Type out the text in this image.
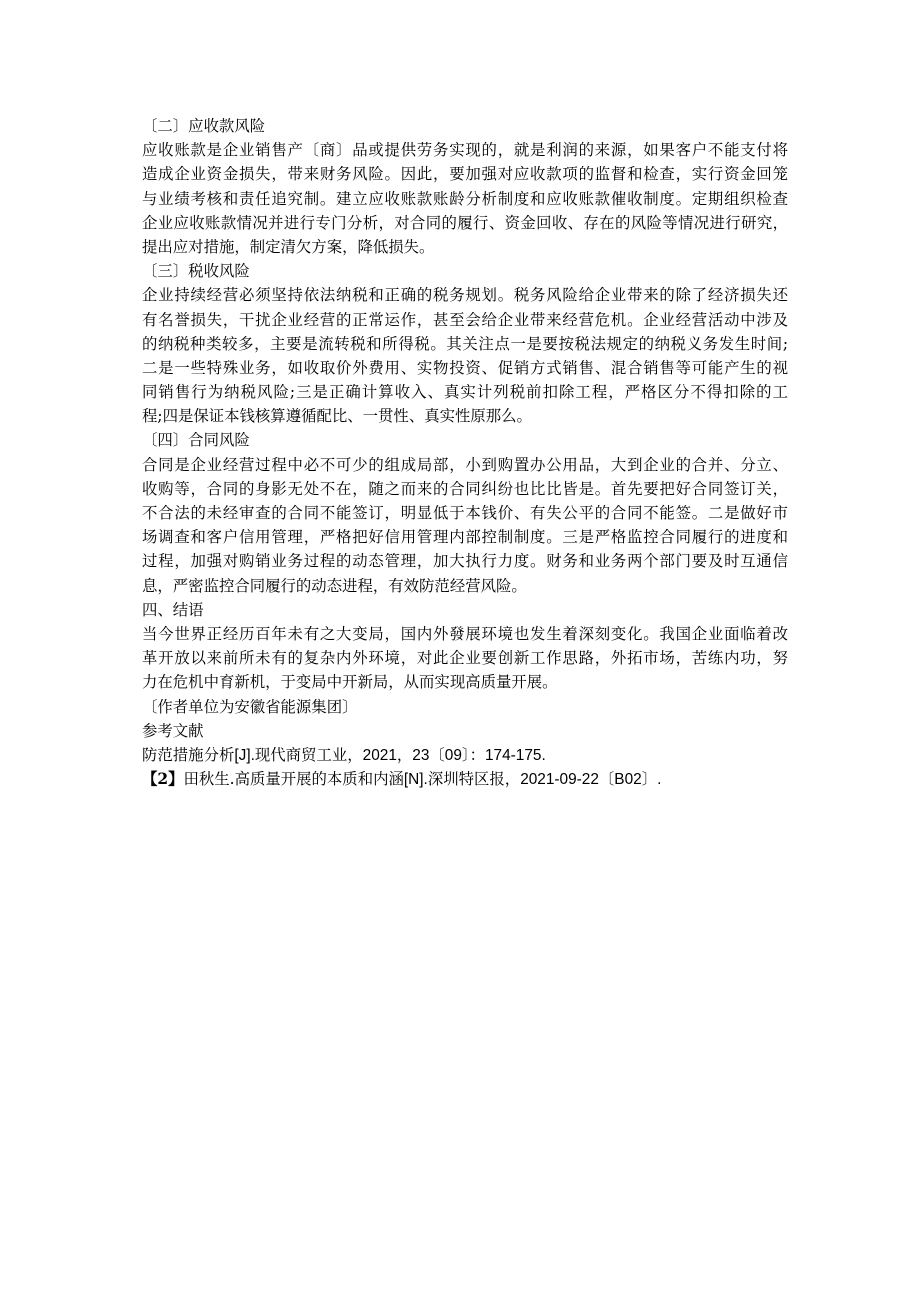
〔二〕应收款风险
应收账款是企业销售产〔商〕品或提供劳务实现的，就是利润的来源，如果客户不能支付将
造成企业资金损失，带来财务风险。因此，要加强对应收款项的监督和检查，实行资金回笼
与业绩考核和责任追究制。建立应收账款账龄分析制度和应收账款催收制度。定期组织检查
企业应收账款情况并进行专门分析，对合同的履行、资金回收、存在的风险等情况进行研究，
提出应对措施，制定清欠方案，降低损失。
〔三〕税收风险
企业持续经营必须坚持依法纳税和正确的税务规划。税务风险给企业带来的除了经济损失还
有名誉损失，干扰企业经营的正常运作，甚至会给企业带来经营危机。企业经营活动中涉及
的纳税种类较多，主要是流转税和所得税。其关注点一是要按税法规定的纳税义务发生时间;
二是一些特殊业务，如收取价外费用、实物投资、促销方式销售、混合销售等可能产生的视
同销售行为纳税风险;三是正确计算收入、真实计列税前扣除工程，严格区分不得扣除的工
程;四是保证本钱核算遵循配比、一贯性、真实性原那么。
〔四〕合同风险
合同是企业经营过程中必不可少的组成局部，小到购置办公用品，大到企业的合并、分立、
收购等，合同的身影无处不在，随之而来的合同纠纷也比比皆是。首先要把好合同签订关，
不合法的未经审查的合同不能签订，明显低于本钱价、有失公平的合同不能签。二是做好市
场调查和客户信用管理，严格把好信用管理内部控制制度。三是严格监控合同履行的进度和
过程，加强对购销业务过程的动态管理，加大执行力度。财务和业务两个部门要及时互通信
息，严密监控合同履行的动态进程，有效防范经营风险。
四、结语
当今世界正经历百年未有之大变局，国内外發展环境也发生着深刻变化。我国企业面临着改
革开放以来前所未有的复杂内外环境，对此企业要创新工作思路，外拓市场，苦练内功，努
力在危机中育新机，于变局中开新局，从而实现高质量开展。
〔作者单位为安徽省能源集团〕
参考文献
防范措施分析[J].现代商贸工业，2021，23〔09〕：174-175.
【2】田秋生.高质量开展的本质和内涵[N].深圳特区报，2021-09-22〔B02〕.
